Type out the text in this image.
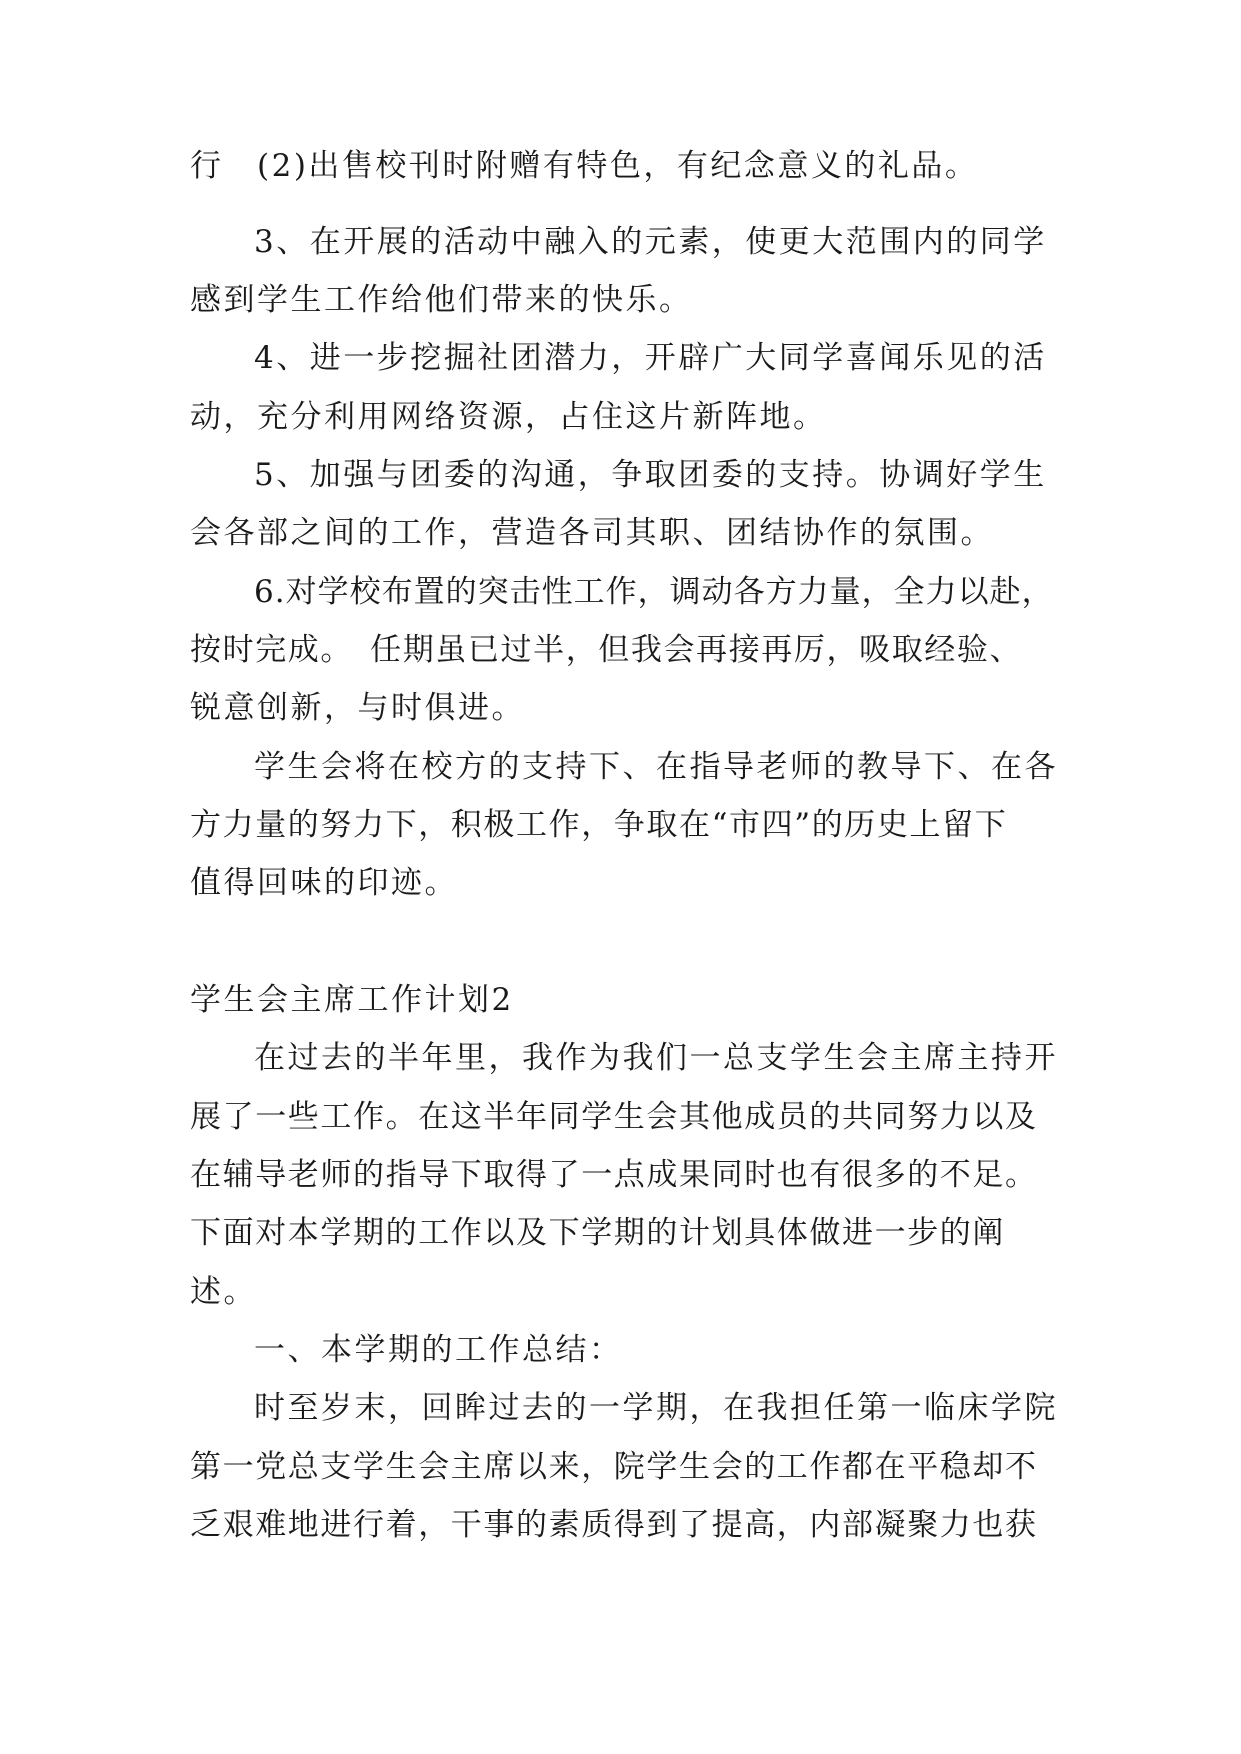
行　(2)出售校刊时附赠有特色，有纪念意义的礼品。
3、在开展的活动中融入的元素，使更大范围内的同学
感到学生工作给他们带来的快乐。
4、进一步挖掘社团潜力，开辟广大同学喜闻乐见的活
动，充分利用网络资源，占住这片新阵地。
5、加强与团委的沟通，争取团委的支持。协调好学生
会各部之间的工作，营造各司其职、团结协作的氛围。
6.对学校布置的突击性工作，调动各方力量，全力以赴，
按时完成。　任期虽已过半，但我会再接再厉，吸取经验、
锐意创新，与时俱进。
学生会将在校方的支持下、在指导老师的教导下、在各
方力量的努力下，积极工作，争取在“市四”的历史上留下
值得回味的印迹。
学生会主席工作计划2
在过去的半年里，我作为我们一总支学生会主席主持开
展了一些工作。在这半年同学生会其他成员的共同努力以及
在辅导老师的指导下取得了一点成果同时也有很多的不足。
下面对本学期的工作以及下学期的计划具体做进一步的阐
述。
一、本学期的工作总结：
时至岁末，回眸过去的一学期，在我担任第一临床学院
第一党总支学生会主席以来，院学生会的工作都在平稳却不
乏艰难地进行着，干事的素质得到了提高，内部凝聚力也获
